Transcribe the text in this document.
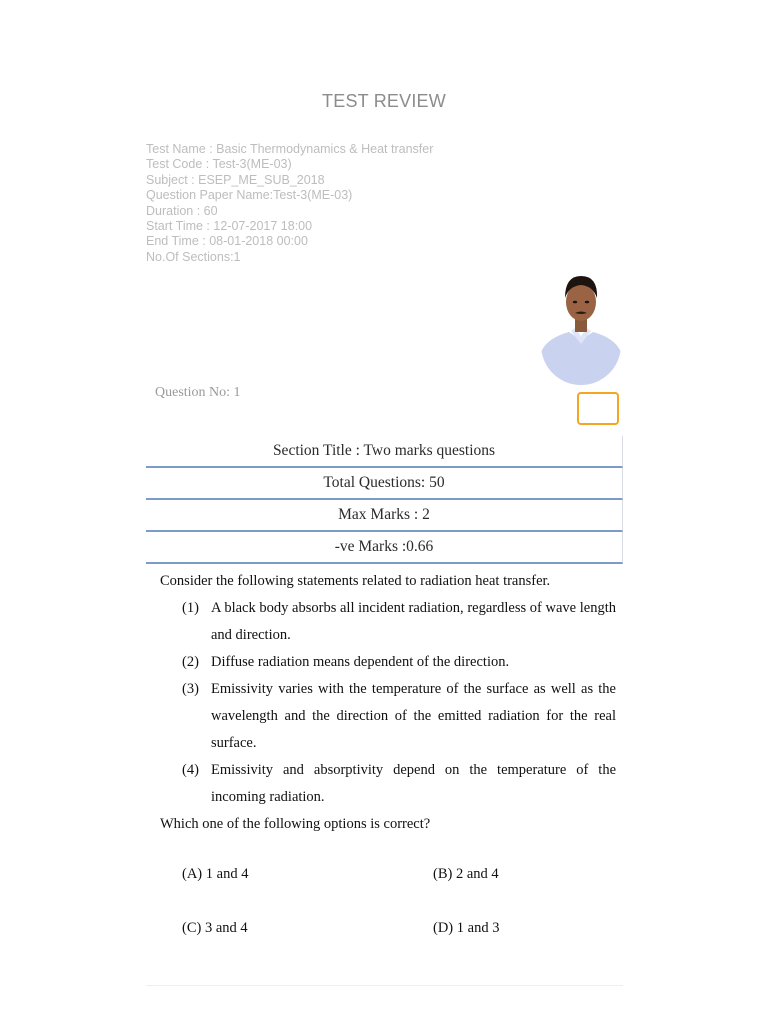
TEST REVIEW
Test Name : Basic Thermodynamics & Heat transfer
Test Code : Test-3(ME-03)
Subject : ESEP_ME_SUB_2018
Question Paper Name:Test-3(ME-03)
Duration : 60
Start Time : 12-07-2017 18:00
End Time : 08-01-2018 00:00
No.Of Sections:1
Question No: 1
Section Title : Two marks questions
Total Questions: 50
Max Marks : 2
-ve Marks :0.66
Consider the following statements related to radiation heat transfer.
(1) A black body absorbs all incident radiation, regardless of wave length and direction.
(2) Diffuse radiation means dependent of the direction.
(3) Emissivity varies with the temperature of the surface as well as the wavelength and the direction of the emitted radiation for the real surface.
(4) Emissivity and absorptivity depend on the temperature of the incoming radiation.
Which one of the following options is correct?
(A) 1 and 4	(B) 2 and 4
(C) 3 and 4	(D) 1 and 3
